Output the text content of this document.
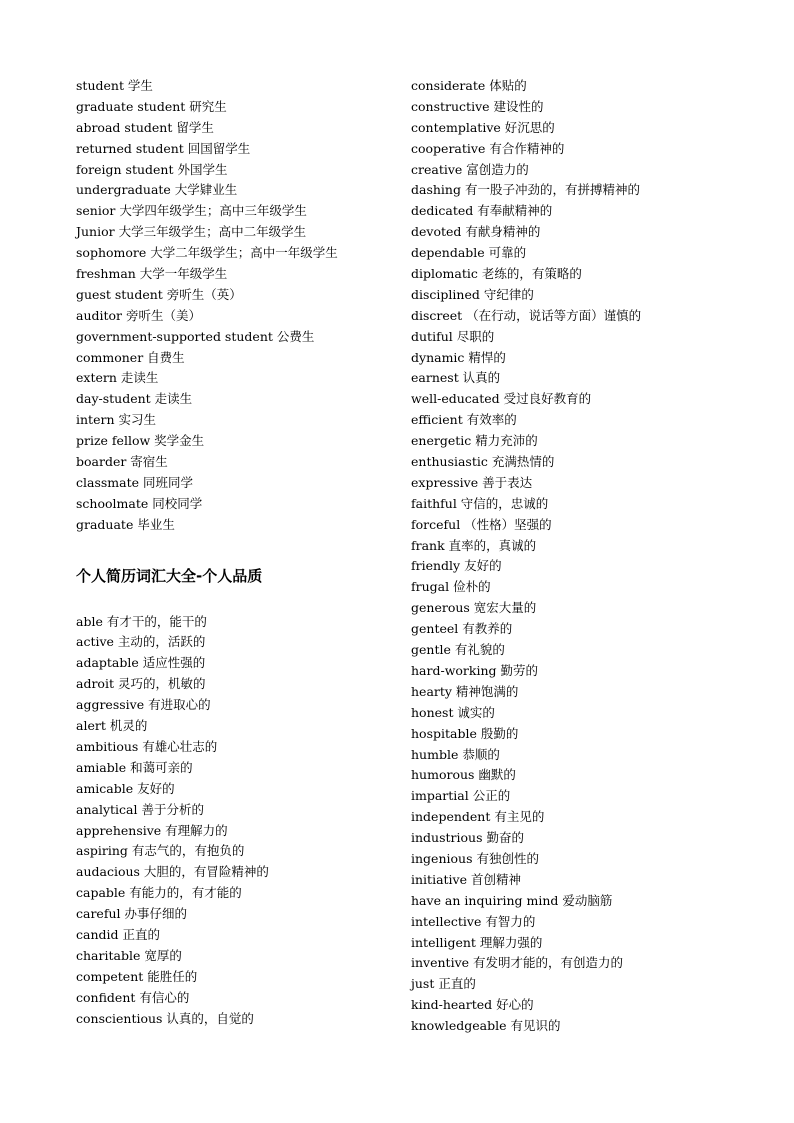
student 学生
graduate student 研究生
abroad student 留学生
returned student 回国留学生
foreign student 外国学生
undergraduate 大学肄业生
senior 大学四年级学生；高中三年级学生
Junior 大学三年级学生；高中二年级学生
sophomore 大学二年级学生；高中一年级学生
freshman 大学一年级学生
guest student 旁听生（英）
auditor 旁听生（美）
government-supported student 公费生
commoner 自费生
extern 走读生
day-student 走读生
intern 实习生
prize fellow 奖学金生
boarder 寄宿生
classmate 同班同学
schoolmate 同校同学
graduate 毕业生
个人简历词汇大全-个人品质
able 有才干的，能干的
active 主动的，活跃的
adaptable 适应性强的
adroit 灵巧的，机敏的
aggressive 有进取心的
alert 机灵的
ambitious 有雄心壮志的
amiable 和蔼可亲的
amicable 友好的
analytical 善于分析的
apprehensive 有理解力的
aspiring 有志气的，有抱负的
audacious 大胆的，有冒险精神的
capable 有能力的，有才能的
careful 办事仔细的
candid 正直的
charitable 宽厚的
competent 能胜任的
confident 有信心的
conscientious 认真的，自觉的
considerate 体贴的
constructive 建设性的
contemplative 好沉思的
cooperative 有合作精神的
creative 富创造力的
dashing 有一股子冲劲的，有拼搏精神的
dedicated 有奉献精神的
devoted 有献身精神的
dependable 可靠的
diplomatic 老练的，有策略的
disciplined 守纪律的
discreet （在行动，说话等方面）谨慎的
dutiful 尽职的
dynamic 精悍的
earnest 认真的
well-educated 受过良好教育的
efficient 有效率的
energetic 精力充沛的
enthusiastic 充满热情的
expressive 善于表达
faithful 守信的，忠诚的
forceful （性格）坚强的
frank 直率的，真诚的
friendly 友好的
frugal 俭朴的
generous 宽宏大量的
genteel 有教养的
gentle 有礼貌的
hard-working 勤劳的
hearty 精神饱满的
honest 诚实的
hospitable 殷勤的
humble 恭顺的
humorous 幽默的
impartial 公正的
independent 有主见的
industrious 勤奋的
ingenious 有独创性的
initiative 首创精神
have an inquiring mind 爱动脑筋
intellective 有智力的
intelligent 理解力强的
inventive 有发明才能的，有创造力的
just 正直的
kind-hearted 好心的
knowledgeable 有见识的
